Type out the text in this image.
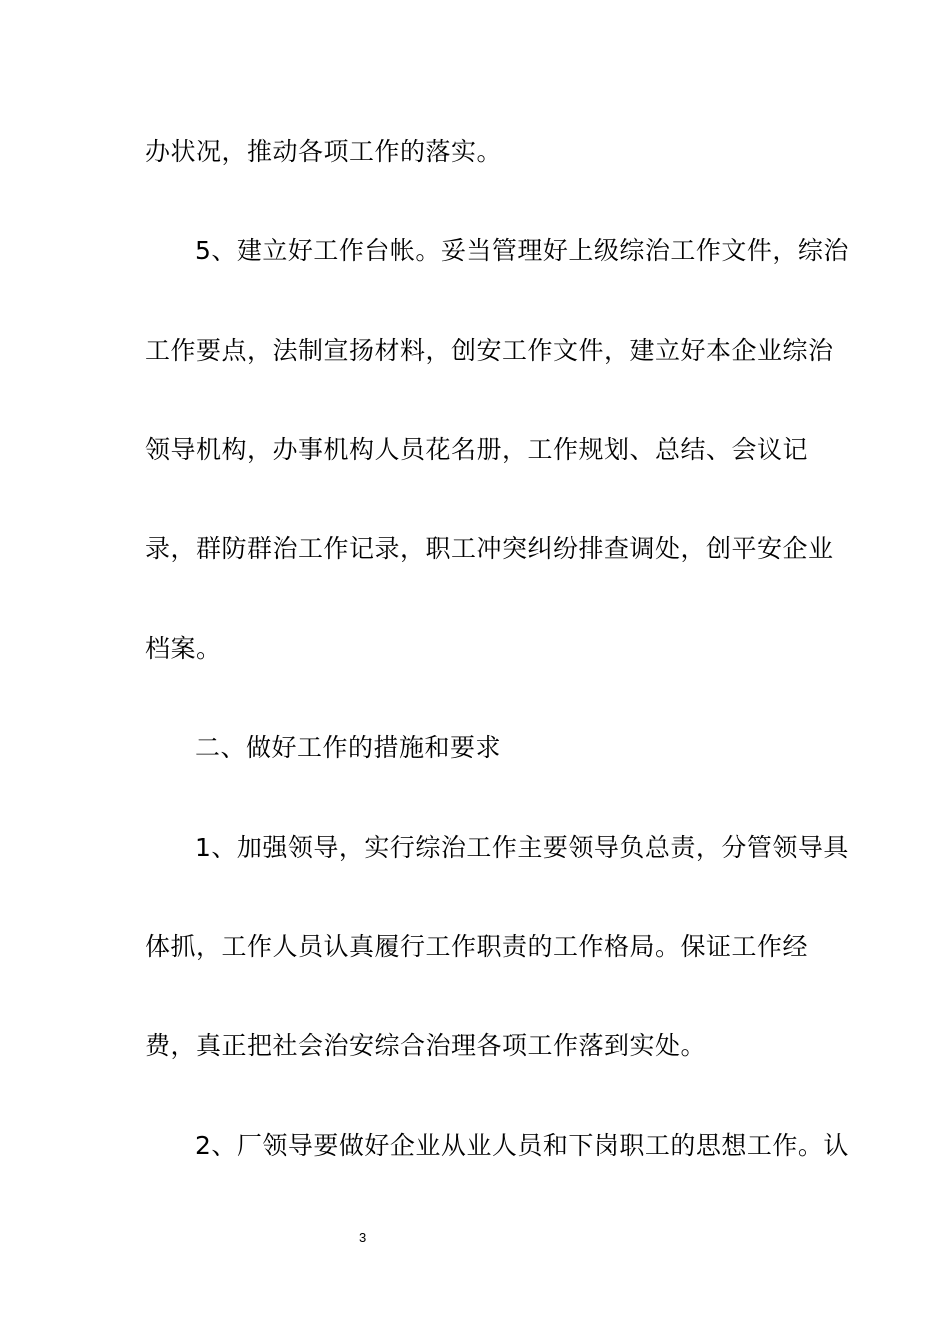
办状况，推动各项工作的落实。

5、建立好工作台帐。妥当管理好上级综治工作文件，综治

工作要点，法制宣扬材料，创安工作文件，建立好本企业综治

领导机构，办事机构人员花名册，工作规划、总结、会议记

录，群防群治工作记录，职工冲突纠纷排查调处，创平安企业

档案。

二、做好工作的措施和要求

1、加强领导，实行综治工作主要领导负总责，分管领导具

体抓，工作人员认真履行工作职责的工作格局。保证工作经

费，真正把社会治安综合治理各项工作落到实处。

2、厂领导要做好企业从业人员和下岗职工的思想工作。认

3
